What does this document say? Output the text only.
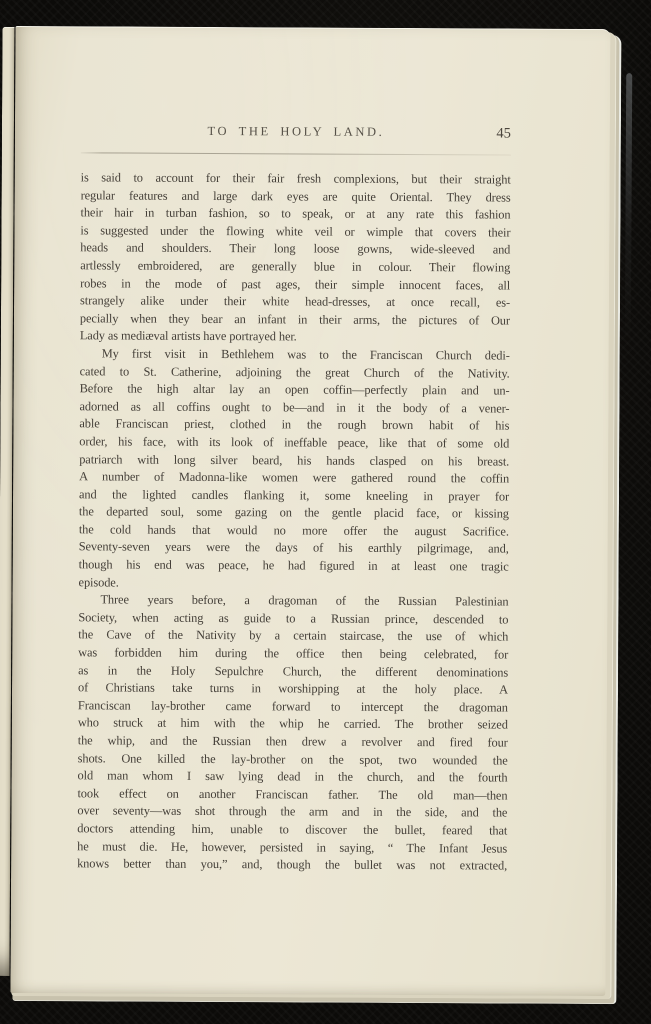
TO THE HOLY LAND.	45
is said to account for their fair fresh complexions, but their straight
regular features and large dark eyes are quite Oriental. They dress
their hair in turban fashion, so to speak, or at any rate this fashion
is suggested under the flowing white veil or wimple that covers their
heads and shoulders. Their long loose gowns, wide-sleeved and
artlessly embroidered, are generally blue in colour. Their flowing
robes in the mode of past ages, their simple innocent faces, all
strangely alike under their white head-dresses, at once recall, es-
pecially when they bear an infant in their arms, the pictures of Our
Lady as mediæval artists have portrayed her.
My first visit in Bethlehem was to the Franciscan Church dedi-
cated to St. Catherine, adjoining the great Church of the Nativity.
Before the high altar lay an open coffin—perfectly plain and un-
adorned as all coffins ought to be—and in it the body of a vener-
able Franciscan priest, clothed in the rough brown habit of his
order, his face, with its look of ineffable peace, like that of some old
patriarch with long silver beard, his hands clasped on his breast.
A number of Madonna-like women were gathered round the coffin
and the lighted candles flanking it, some kneeling in prayer for
the departed soul, some gazing on the gentle placid face, or kissing
the cold hands that would no more offer the august Sacrifice.
Seventy-seven years were the days of his earthly pilgrimage, and,
though his end was peace, he had figured in at least one tragic
episode.
Three years before, a dragoman of the Russian Palestinian
Society, when acting as guide to a Russian prince, descended to
the Cave of the Nativity by a certain staircase, the use of which
was forbidden him during the office then being celebrated, for
as in the Holy Sepulchre Church, the different denominations
of Christians take turns in worshipping at the holy place. A
Franciscan lay-brother came forward to intercept the dragoman
who struck at him with the whip he carried. The brother seized
the whip, and the Russian then drew a revolver and fired four
shots. One killed the lay-brother on the spot, two wounded the
old man whom I saw lying dead in the church, and the fourth
took effect on another Franciscan father. The old man—then
over seventy—was shot through the arm and in the side, and the
doctors attending him, unable to discover the bullet, feared that
he must die. He, however, persisted in saying, “ The Infant Jesus
knows better than you,” and, though the bullet was not extracted,
